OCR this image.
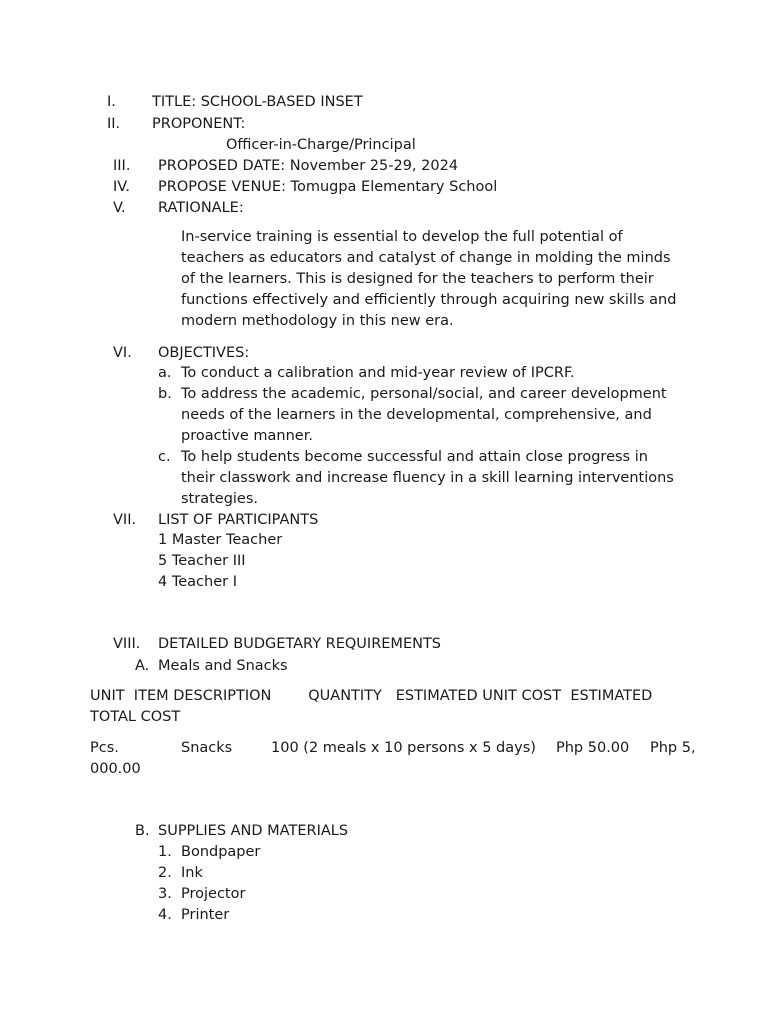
I. TITLE: SCHOOL-BASED INSET
II. PROPONENT:
Officer-in-Charge/Principal
III. PROPOSED DATE: November 25-29, 2024
IV. PROPOSE VENUE: Tomugpa Elementary School
V. RATIONALE:
In-service training is essential to develop the full potential of
teachers as educators and catalyst of change in molding the minds
of the learners. This is designed for the teachers to perform their
functions effectively and efficiently through acquiring new skills and
modern methodology in this new era.
VI. OBJECTIVES:
a. To conduct a calibration and mid-year review of IPCRF.
b. To address the academic, personal/social, and career development
needs of the learners in the developmental, comprehensive, and
proactive manner.
c. To help students become successful and attain close progress in
their classwork and increase fluency in a skill learning interventions
strategies.
VII. LIST OF PARTICIPANTS
1 Master Teacher
5 Teacher III
4 Teacher I
VIII. DETAILED BUDGETARY REQUIREMENTS
A. Meals and Snacks
UNIT  ITEM DESCRIPTION        QUANTITY   ESTIMATED UNIT COST  ESTIMATED
TOTAL COST
Pcs.	Snacks	100 (2 meals x 10 persons x 5 days) Php 50.00 Php 5,
000.00
B. SUPPLIES AND MATERIALS
1. Bondpaper
2. Ink
3. Projector
4. Printer
